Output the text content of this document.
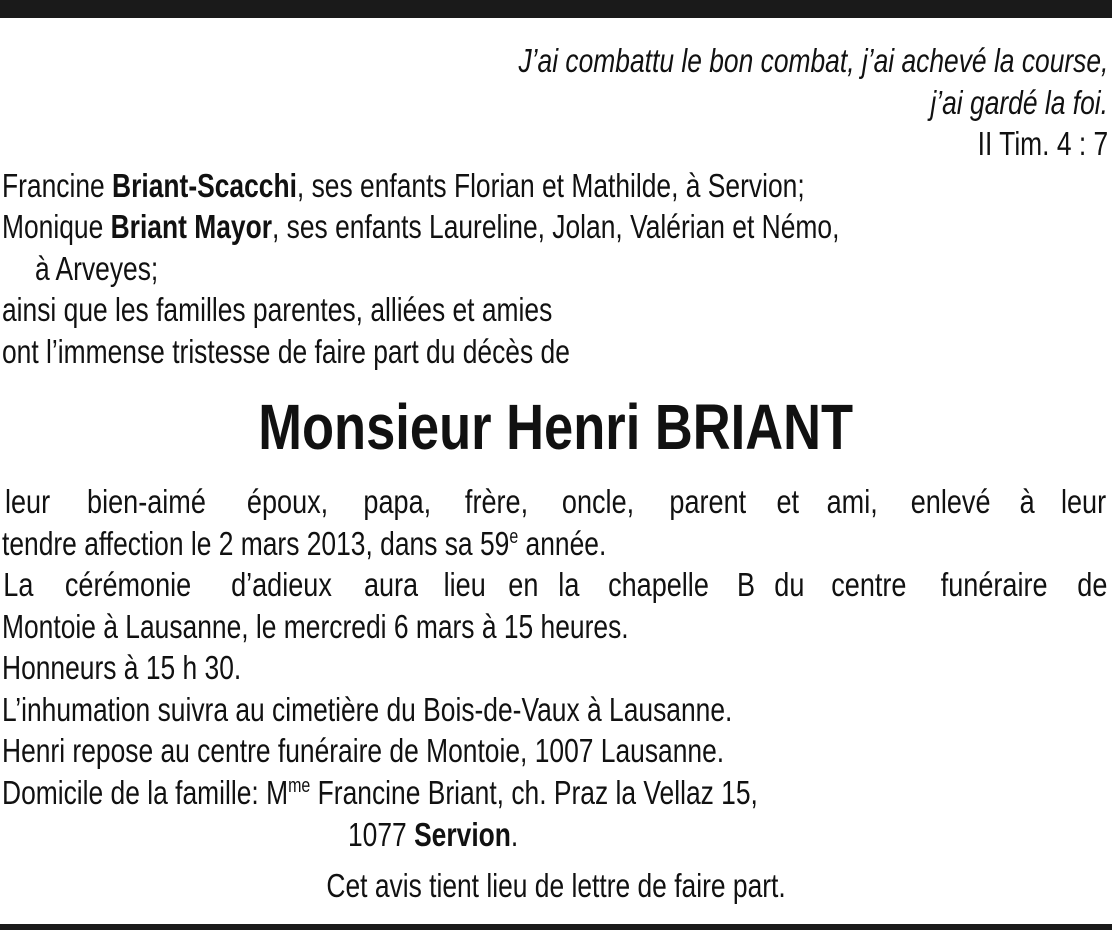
J’ai combattu le bon combat, j’ai achevé la course,
j’ai gardé la foi.
II Tim. 4 : 7
Francine Briant-Scacchi, ses enfants Florian et Mathilde, à Servion;
Monique Briant Mayor, ses enfants Laureline, Jolan, Valérian et Némo,
à Arveyes;
ainsi que les familles parentes, alliées et amies
ont l’immense tristesse de faire part du décès de
Monsieur Henri BRIANT
leur bien-aimé époux, papa, frère, oncle, parent et ami, enlevé à leur
tendre affection le 2 mars 2013, dans sa 59e année.
La cérémonie d’adieux aura lieu en la chapelle B du centre funéraire de
Montoie à Lausanne, le mercredi 6 mars à 15 heures.
Honneurs à 15 h 30.
L’inhumation suivra au cimetière du Bois-de-Vaux à Lausanne.
Henri repose au centre funéraire de Montoie, 1007 Lausanne.
Domicile de la famille: $M^{me}$ Francine Briant, ch. Praz la Vellaz 15,
1077 Servion.
Cet avis tient lieu de lettre de faire part.
